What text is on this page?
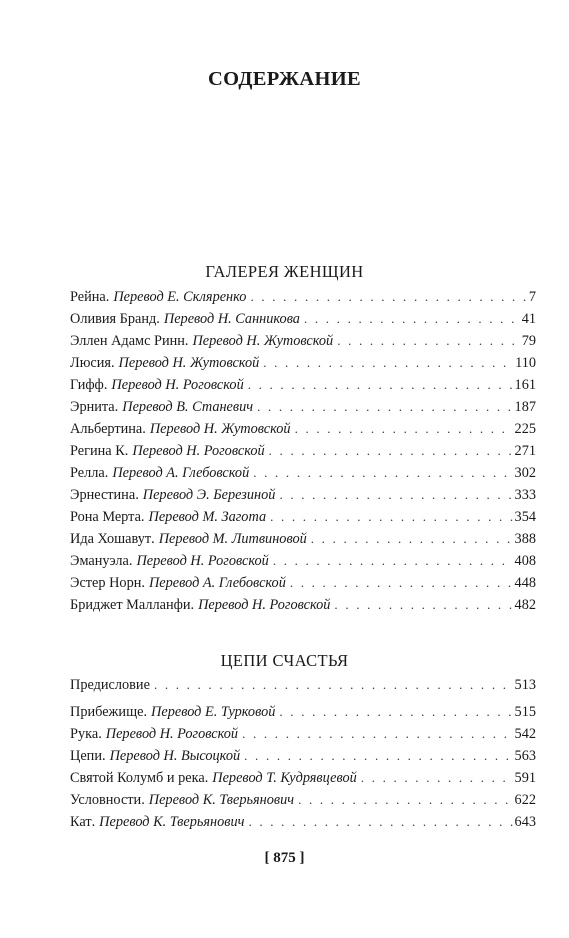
СОДЕРЖАНИЕ
ГАЛЕРЕЯ ЖЕНЩИН
Рейна . Перевод Е. Скляренко . . .	7
Оливия Бранд . Перевод Н. Санникова . . .	41
Эллен Адамс Ринн . Перевод Н. Жутовской . . .	79
Люсия . Перевод Н. Жутовской . . .	110
Гифф . Перевод Н. Роговской . . .	161
Эрнита . Перевод В. Станевич . . .	187
Альбертина . Перевод Н. Жутовской . . .	225
Регина К . Перевод Н. Роговской . . .	271
Релла . Перевод А. Глебовской . . .	302
Эрнестина . Перевод Э. Березиной . . .	333
Рона Мерта . Перевод М. Загота . . .	354
Ида Хошавут . Перевод М. Литвиновой . . .	388
Эмануэла . Перевод Н. Роговской . . .	408
Эстер Норн . Перевод А. Глебовской . . .	448
Бриджет Малланфи . Перевод Н. Роговской . . .	482
ЦЕПИ СЧАСТЬЯ
Предисловие . . .	513
Прибежище . Перевод Е. Турковой . . .	515
Рука . Перевод Н. Роговской . . .	542
Цепи . Перевод Н. Высоцкой . . .	563
Святой Колумб и река . Перевод Т. Кудрявцевой . . .	591
Условности . Перевод К. Тверьянович . . .	622
Кат . Перевод К. Тверьянович . . .	643
[ 875 ]
